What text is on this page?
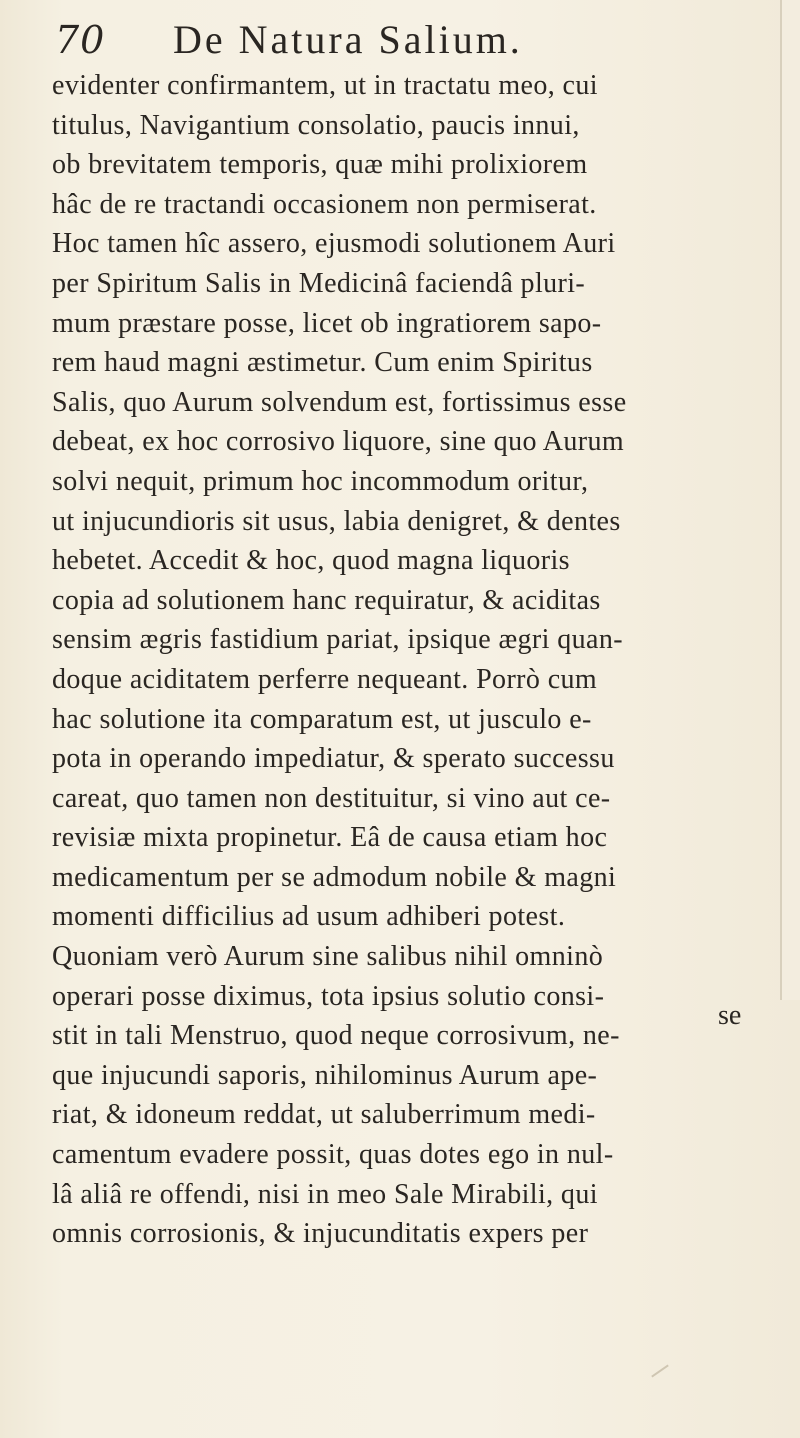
70 De Natura Salium.
evidenter confirmantem, ut in tractatu meo, cui
titulus, Navigantium consolatio, paucis innui,
ob brevitatem temporis, quæ mihi prolixiorem
hâc de re tractandi occasionem non permiserat.
Hoc tamen hîc assero, ejusmodi solutionem Auri
per Spiritum Salis in Medicinâ faciendâ pluri-
mum præstare posse, licet ob ingratiorem sapo-
rem haud magni æstimetur. Cum enim Spiritus
Salis, quo Aurum solvendum est, fortissimus esse
debeat, ex hoc corrosivo liquore, sine quo Aurum
solvi nequit, primum hoc incommodum oritur,
ut injucundioris sit usus, labia denigret, & dentes
hebetet. Accedit & hoc, quod magna liquoris
copia ad solutionem hanc requiratur, & aciditas
sensim ægris fastidium pariat, ipsique ægri quan-
doque aciditatem perferre nequeant. Porrò cum
hac solutione ita comparatum est, ut jusculo e-
pota in operando impediatur, & sperato successu
careat, quo tamen non destituitur, si vino aut ce-
revisiæ mixta propinetur. Eâ de causa etiam hoc
medicamentum per se admodum nobile & magni
momenti difficilius ad usum adhiberi potest.
Quoniam verò Aurum sine salibus nihil omninò
operari posse diximus, tota ipsius solutio consi-
stit in tali Menstruo, quod neque corrosivum, ne-
que injucundi saporis, nihilominus Aurum ape-
riat, & idoneum reddat, ut saluberrimum medi-
camentum evadere possit, quas dotes ego in nul-
lâ aliâ re offendi, nisi in meo Sale Mirabili, qui
omnis corrosionis, & injucunditatis expers per
se
